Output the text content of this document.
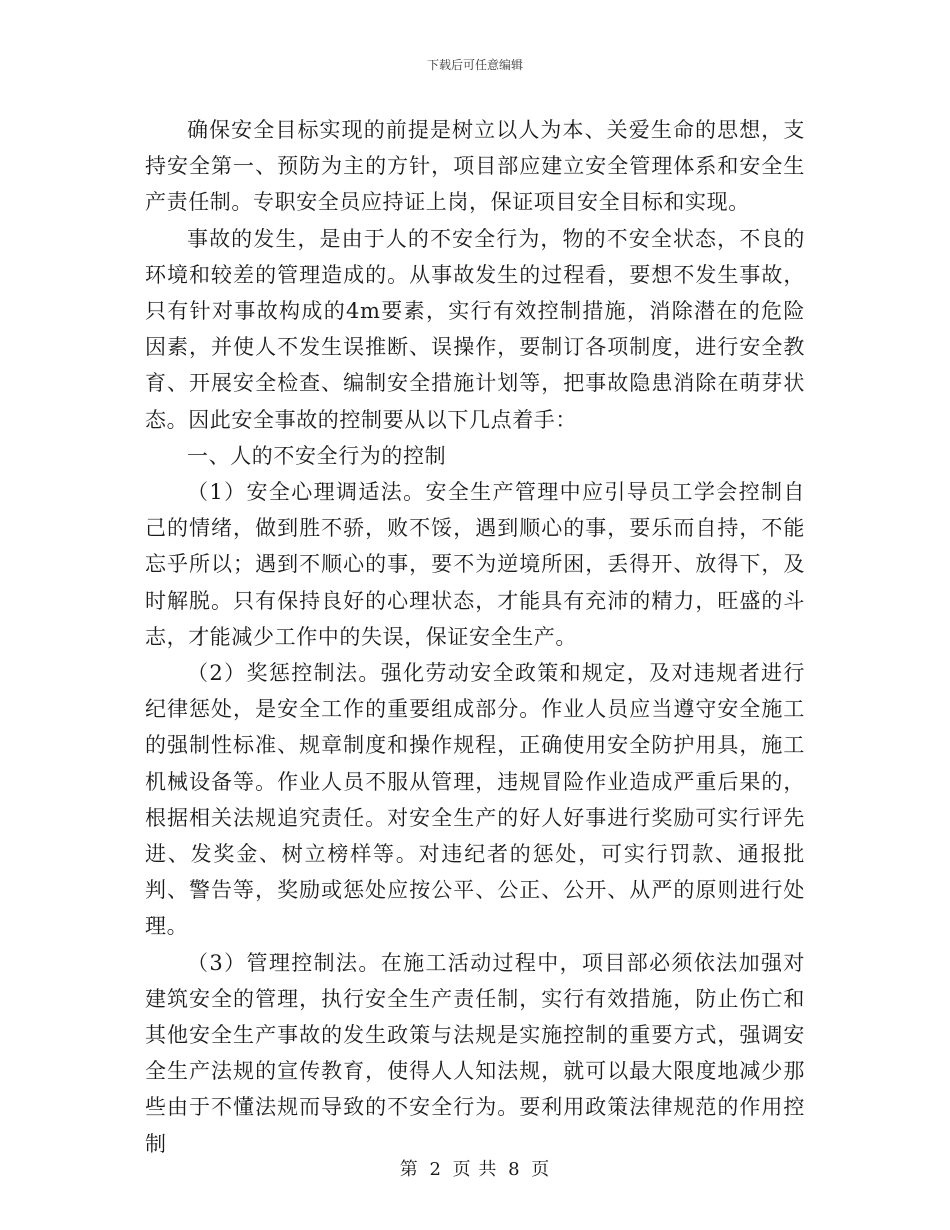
下载后可任意编辑

确保安全目标实现的前提是树立以人为本、关爱生命的思想，支持安全第一、预防为主的方针，项目部应建立安全管理体系和安全生产责任制。专职安全员应持证上岗，保证项目安全目标和实现。

事故的发生，是由于人的不安全行为，物的不安全状态，不良的环境和较差的管理造成的。从事故发生的过程看，要想不发生事故，只有针对事故构成的4m要素，实行有效控制措施，消除潜在的危险因素，并使人不发生误推断、误操作，要制订各项制度，进行安全教育、开展安全检查、编制安全措施计划等，把事故隐患消除在萌芽状态。因此安全事故的控制要从以下几点着手：

一、人的不安全行为的控制

（1）安全心理调适法。安全生产管理中应引导员工学会控制自己的情绪，做到胜不骄，败不馁，遇到顺心的事，要乐而自持，不能忘乎所以；遇到不顺心的事，要不为逆境所困，丢得开、放得下，及时解脱。只有保持良好的心理状态，才能具有充沛的精力，旺盛的斗志，才能减少工作中的失误，保证安全生产。

（2）奖惩控制法。强化劳动安全政策和规定，及对违规者进行纪律惩处，是安全工作的重要组成部分。作业人员应当遵守安全施工的强制性标准、规章制度和操作规程，正确使用安全防护用具，施工机械设备等。作业人员不服从管理，违规冒险作业造成严重后果的，根据相关法规追究责任。对安全生产的好人好事进行奖励可实行评先进、发奖金、树立榜样等。对违纪者的惩处，可实行罚款、通报批判、警告等，奖励或惩处应按公平、公正、公开、从严的原则进行处理。

（3）管理控制法。在施工活动过程中，项目部必须依法加强对建筑安全的管理，执行安全生产责任制，实行有效措施，防止伤亡和其他安全生产事故的发生政策与法规是实施控制的重要方式，强调安全生产法规的宣传教育，使得人人知法规，就可以最大限度地减少那些由于不懂法规而导致的不安全行为。要利用政策法律规范的作用控制

第 2 页 共 8 页
